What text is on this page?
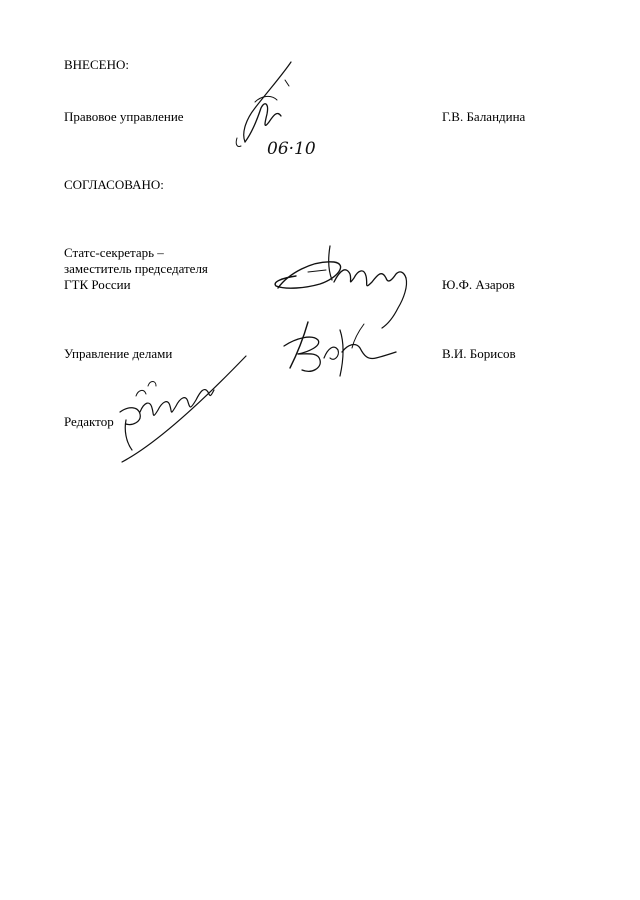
ВНЕСЕНО:
Правовое управление	Г.В. Баландина
06·10
СОГЛАСОВАНО:
Статс-секретарь –
заместитель председателя
ГТК России	Ю.Ф. Азаров
Управление делами	В.И. Борисов
Редактор
